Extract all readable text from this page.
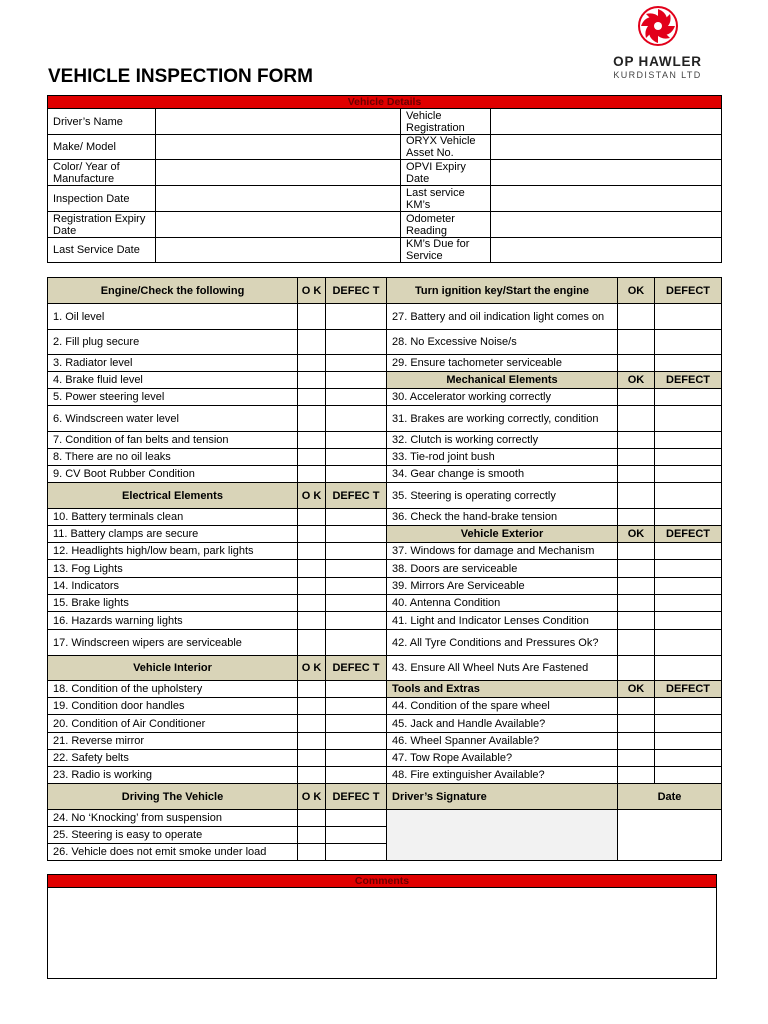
OP HAWLER
KURDISTAN LTD
VEHICLE INSPECTION FORM
Vehicle Details			
Driver’s Name		Vehicle Registration	
Make/ Model		ORYX Vehicle Asset No.	
Color/ Year of Manufacture		OPVI Expiry Date	
Inspection Date		Last service KM’s	
Registration Expiry Date		Odometer Reading	
Last Service Date		KM’s Due for Service	
Engine/Check the following	O K	DEFEC T	Turn ignition key/Start the engine	OK	DEFECT
1. Oil level			27. Battery and oil indication light comes on		
2. Fill plug secure			28. No Excessive Noise/s		
3. Radiator level			29. Ensure tachometer serviceable		
4. Brake fluid level			Mechanical Elements	OK	DEFECT
5. Power steering level			30. Accelerator working correctly		
6. Windscreen water level			31. Brakes are working correctly, condition		
7. Condition of fan belts and tension			32. Clutch is working correctly		
8. There are no oil leaks			33. Tie-rod joint bush		
9. CV Boot Rubber Condition			34. Gear change is smooth		
Electrical Elements	O K	DEFEC T	35. Steering is operating correctly		
10. Battery terminals clean			36. Check the hand-brake tension		
11. Battery clamps are secure			Vehicle Exterior	OK	DEFECT
12. Headlights high/low beam, park lights			37. Windows for damage and Mechanism		
13. Fog Lights			38. Doors are serviceable		
14. Indicators			39. Mirrors Are Serviceable		
15. Brake lights			40. Antenna Condition		
16. Hazards warning lights			41. Light and Indicator Lenses Condition		
17. Windscreen wipers are serviceable			42. All Tyre Conditions and Pressures Ok?		
Vehicle Interior	O K	DEFEC T	43. Ensure All Wheel Nuts Are Fastened		
18. Condition of the upholstery			Tools and Extras	OK	DEFECT
19. Condition door handles			44. Condition of the spare wheel		
20. Condition of Air Conditioner			45. Jack and Handle Available?		
21. Reverse mirror			46. Wheel Spanner Available?		
22. Safety belts			47. Tow Rope Available?		
23. Radio is working			48. Fire extinguisher Available?		
Driving The Vehicle	O K	DEFEC T	Driver’s Signature	Date	
24. No ‘Knocking’ from suspension					
25. Steering is easy to operate					
26. Vehicle does not emit smoke under load					
Comments
